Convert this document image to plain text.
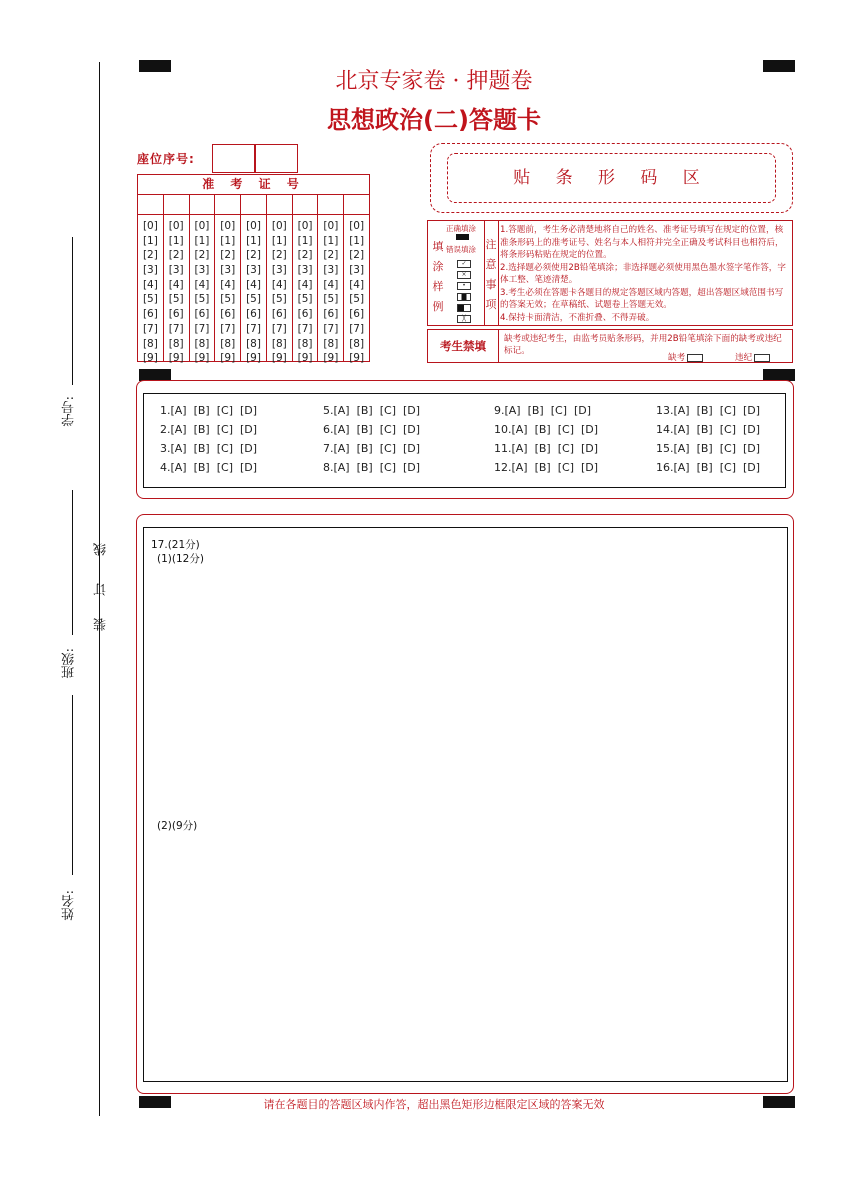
学号:
班级:
姓名:
线
订
装
北京专家卷 · 押题卷
思想政治(二)答题卡
座位序号:
准 考 证 号
[0]
[1]
[2]
[3]
[4]
[5]
[6]
[7]
[8]
[9]
[0]
[1]
[2]
[3]
[4]
[5]
[6]
[7]
[8]
[9]
[0]
[1]
[2]
[3]
[4]
[5]
[6]
[7]
[8]
[9]
[0]
[1]
[2]
[3]
[4]
[5]
[6]
[7]
[8]
[9]
[0]
[1]
[2]
[3]
[4]
[5]
[6]
[7]
[8]
[9]
[0]
[1]
[2]
[3]
[4]
[5]
[6]
[7]
[8]
[9]
[0]
[1]
[2]
[3]
[4]
[5]
[6]
[7]
[8]
[9]
[0]
[1]
[2]
[3]
[4]
[5]
[6]
[7]
[8]
[9]
[0]
[1]
[2]
[3]
[4]
[5]
[6]
[7]
[8]
[9]
贴 条 形 码 区
正确填涂
错误填涂
填
涂
样
例
✓
×
•
╳
注
意
事
项
1.答题前，考生务必清楚地将自己的姓名、准考证号填写在规定的位置，核准条形码上的准考证号、姓名与本人相符并完全正确及考试科目也相符后，将条形码粘贴在规定的位置。
2.选择题必须使用2B铅笔填涂；非选择题必须使用黑色墨水签字笔作答，字体工整、笔迹清楚。
3.考生必须在答题卡各题目的规定答题区域内答题，超出答题区域范围书写的答案无效；在草稿纸、试题卷上答题无效。
4.保持卡面清洁，不准折叠、不得弄破。
考生禁填	缺考或违纪考生，由监考员贴条形码，并用2B铅笔填涂下面的缺考或违纪标记。
缺考	违纪
1.[A]  [B]  [C]  [D]
2.[A]  [B]  [C]  [D]
3.[A]  [B]  [C]  [D]
4.[A]  [B]  [C]  [D]
5.[A]  [B]  [C]  [D]
6.[A]  [B]  [C]  [D]
7.[A]  [B]  [C]  [D]
8.[A]  [B]  [C]  [D]
9.[A]  [B]  [C]  [D]
10.[A]  [B]  [C]  [D]
11.[A]  [B]  [C]  [D]
12.[A]  [B]  [C]  [D]
13.[A]  [B]  [C]  [D]
14.[A]  [B]  [C]  [D]
15.[A]  [B]  [C]  [D]
16.[A]  [B]  [C]  [D]
17.(21分)
(1)(12分)
(2)(9分)
请在各题目的答题区域内作答，超出黑色矩形边框限定区域的答案无效
